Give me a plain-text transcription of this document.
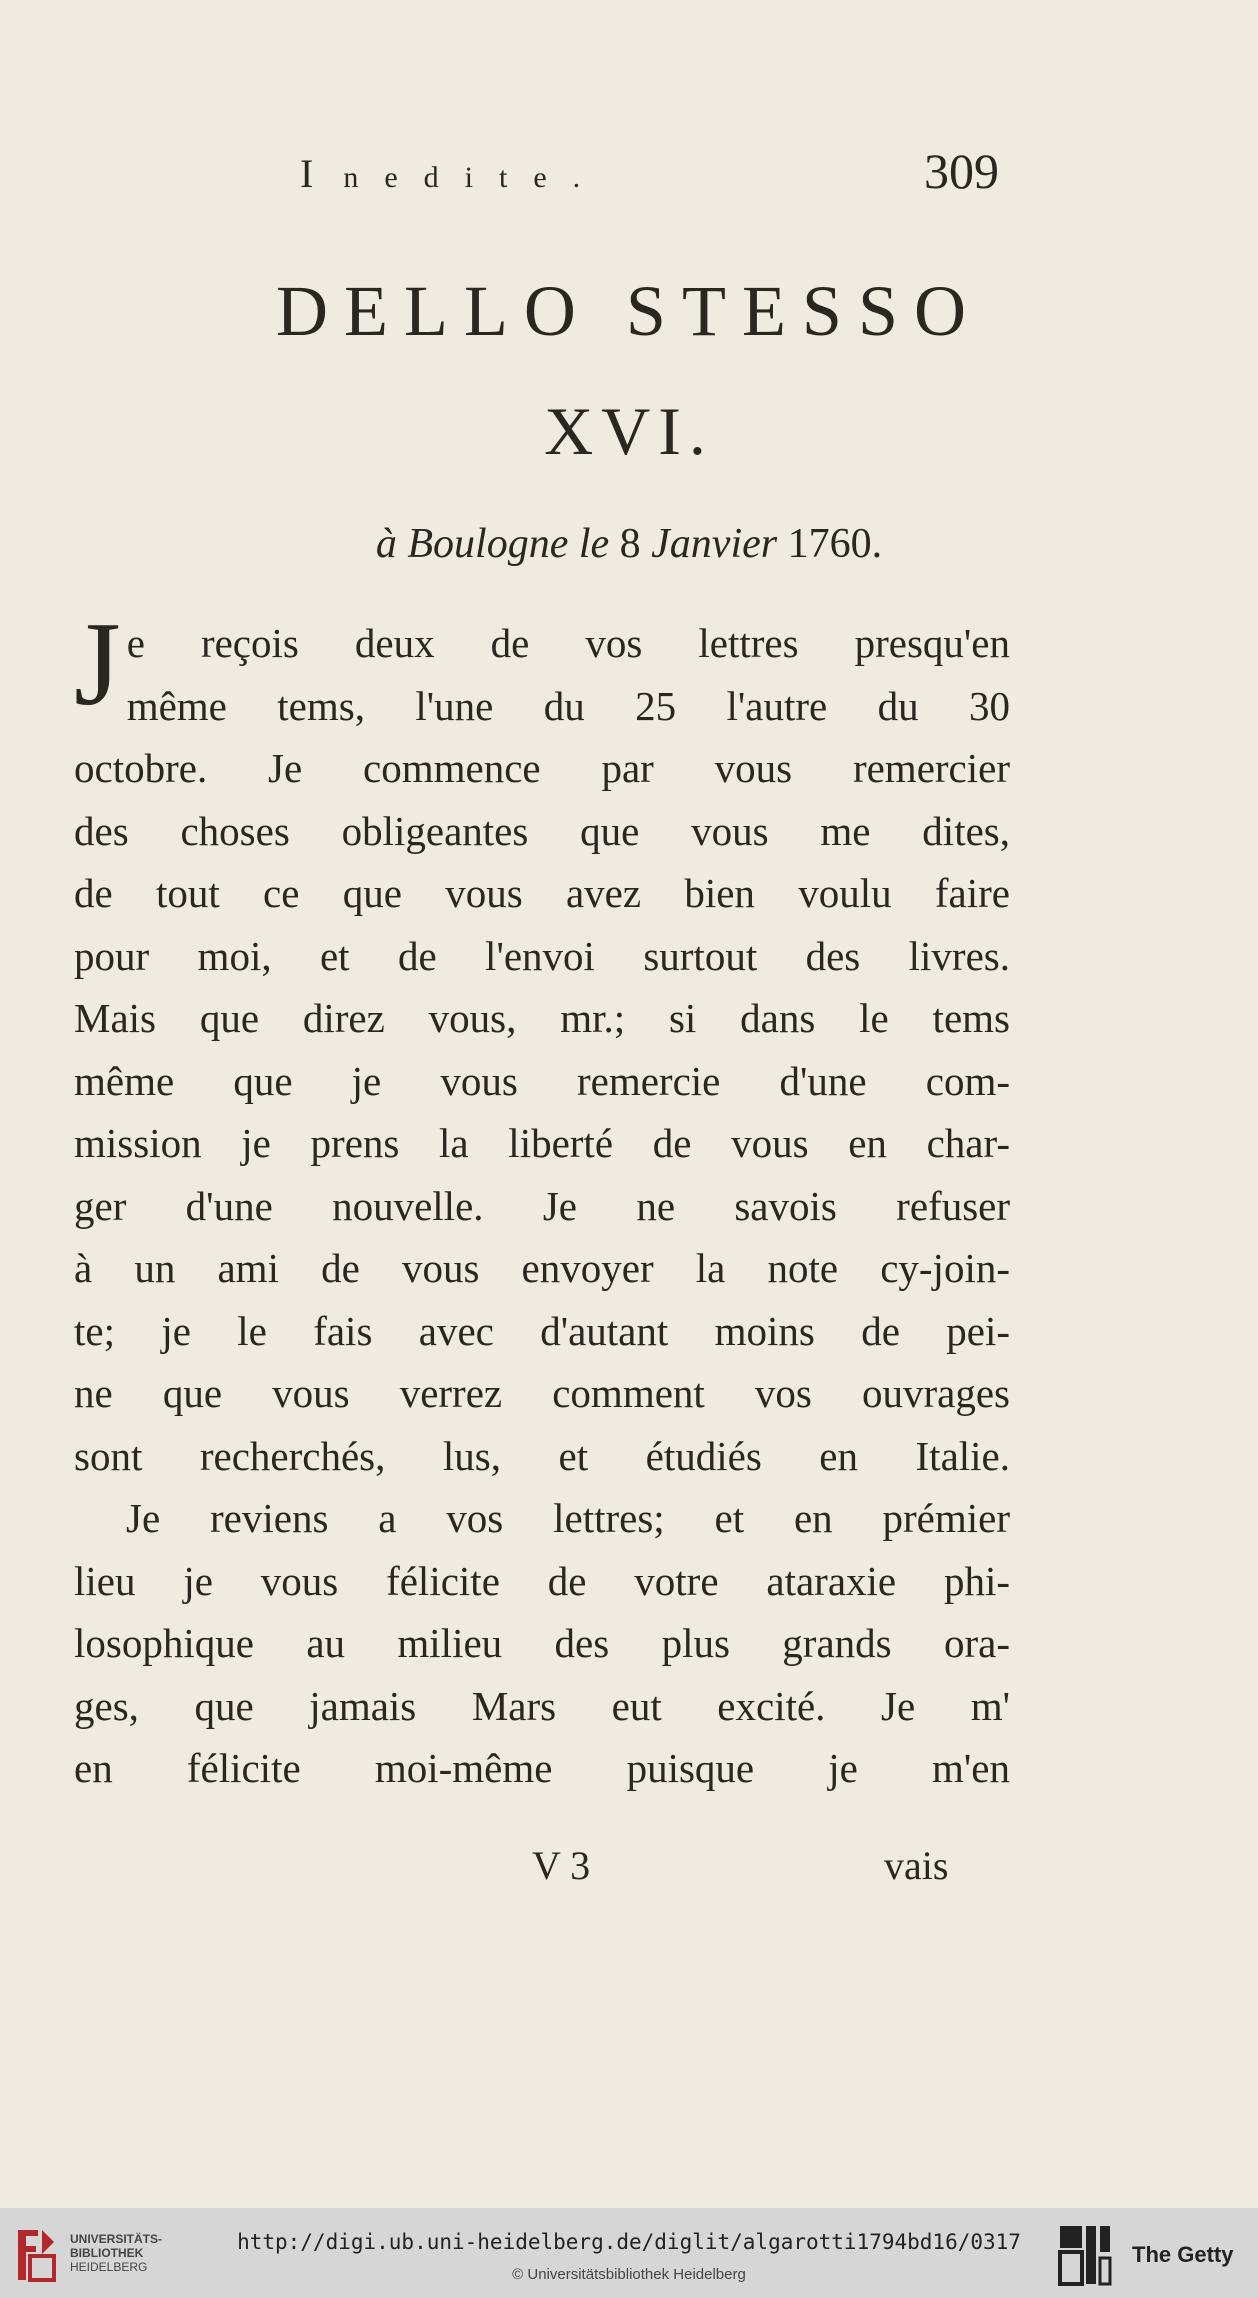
Inedite.	309
DELLO STESSO
XVI.
à Boulogne le 8 Janvier 1760.
J e reçois deux de vos lettres presqu'en
même tems, l'une du 25 l'autre du 30
octobre. Je commence par vous remercier
des choses obligeantes que vous me dites,
de tout ce que vous avez bien voulu faire
pour moi, et de l'envoi surtout des livres.
Mais que direz vous, mr.; si dans le tems
même que je vous remercie d'une com-
mission je prens la liberté de vous en char-
ger d'une nouvelle. Je ne savois refuser
à un ami de vous envoyer la note cy-join-
te; je le fais avec d'autant moins de pei-
ne que vous verrez comment vos ouvrages
sont recherchés, lus, et étudiés en Italie.
Je reviens a vos lettres; et en prémier
lieu je vous félicite de votre ataraxie phi-
losophique au milieu des plus grands ora-
ges, que jamais Mars eut excité. Je m'
en félicite moi-même puisque je m'en
V 3	vais
UNIVERSITÄTS-
BIBLIOTHEK
HEIDELBERG
http://digi.ub.uni-heidelberg.de/diglit/algarotti1794bd16/0317
© Universitätsbibliothek Heidelberg
The Getty
